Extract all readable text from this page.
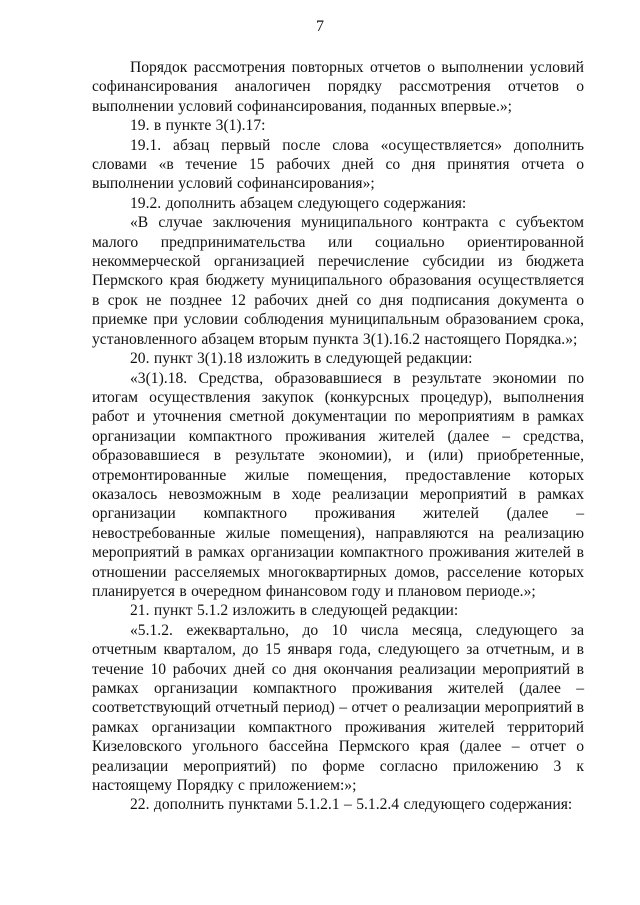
7

Порядок рассмотрения повторных отчетов о выполнении условий софинансирования аналогичен порядку рассмотрения отчетов о выполнении условий софинансирования, поданных впервые.»;

19. в пункте 3(1).17:

19.1. абзац первый после слова «осуществляется» дополнить словами «в течение 15 рабочих дней со дня принятия отчета о выполнении условий софинансирования»;

19.2. дополнить абзацем следующего содержания:

«В случае заключения муниципального контракта с субъектом малого предпринимательства или социально ориентированной некоммерческой организацией перечисление субсидии из бюджета Пермского края бюджету муниципального образования осуществляется в срок не позднее 12 рабочих дней со дня подписания документа о приемке при условии соблюдения муниципальным образованием срока, установленного абзацем вторым пункта 3(1).16.2 настоящего Порядка.»;

20. пункт 3(1).18 изложить в следующей редакции:

«3(1).18. Средства, образовавшиеся в результате экономии по итогам осуществления закупок (конкурсных процедур), выполнения работ и уточнения сметной документации по мероприятиям в рамках организации компактного проживания жителей (далее – средства, образовавшиеся в результате экономии), и (или) приобретенные, отремонтированные жилые помещения, предоставление которых оказалось невозможным в ходе реализации мероприятий в рамках организации компактного проживания жителей (далее – невостребованные жилые помещения), направляются на реализацию мероприятий в рамках организации компактного проживания жителей в отношении расселяемых многоквартирных домов, расселение которых планируется в очередном финансовом году и плановом периоде.»;

21. пункт 5.1.2 изложить в следующей редакции:

«5.1.2. ежеквартально, до 10 числа месяца, следующего за отчетным кварталом, до 15 января года, следующего за отчетным, и в течение 10 рабочих дней со дня окончания реализации мероприятий в рамках организации компактного проживания жителей (далее – соответствующий отчетный период) – отчет о реализации мероприятий в рамках организации компактного проживания жителей территорий Кизеловского угольного бассейна Пермского края (далее – отчет о реализации мероприятий) по форме согласно приложению 3 к настоящему Порядку с приложением:»;

22. дополнить пунктами 5.1.2.1 – 5.1.2.4 следующего содержания:
